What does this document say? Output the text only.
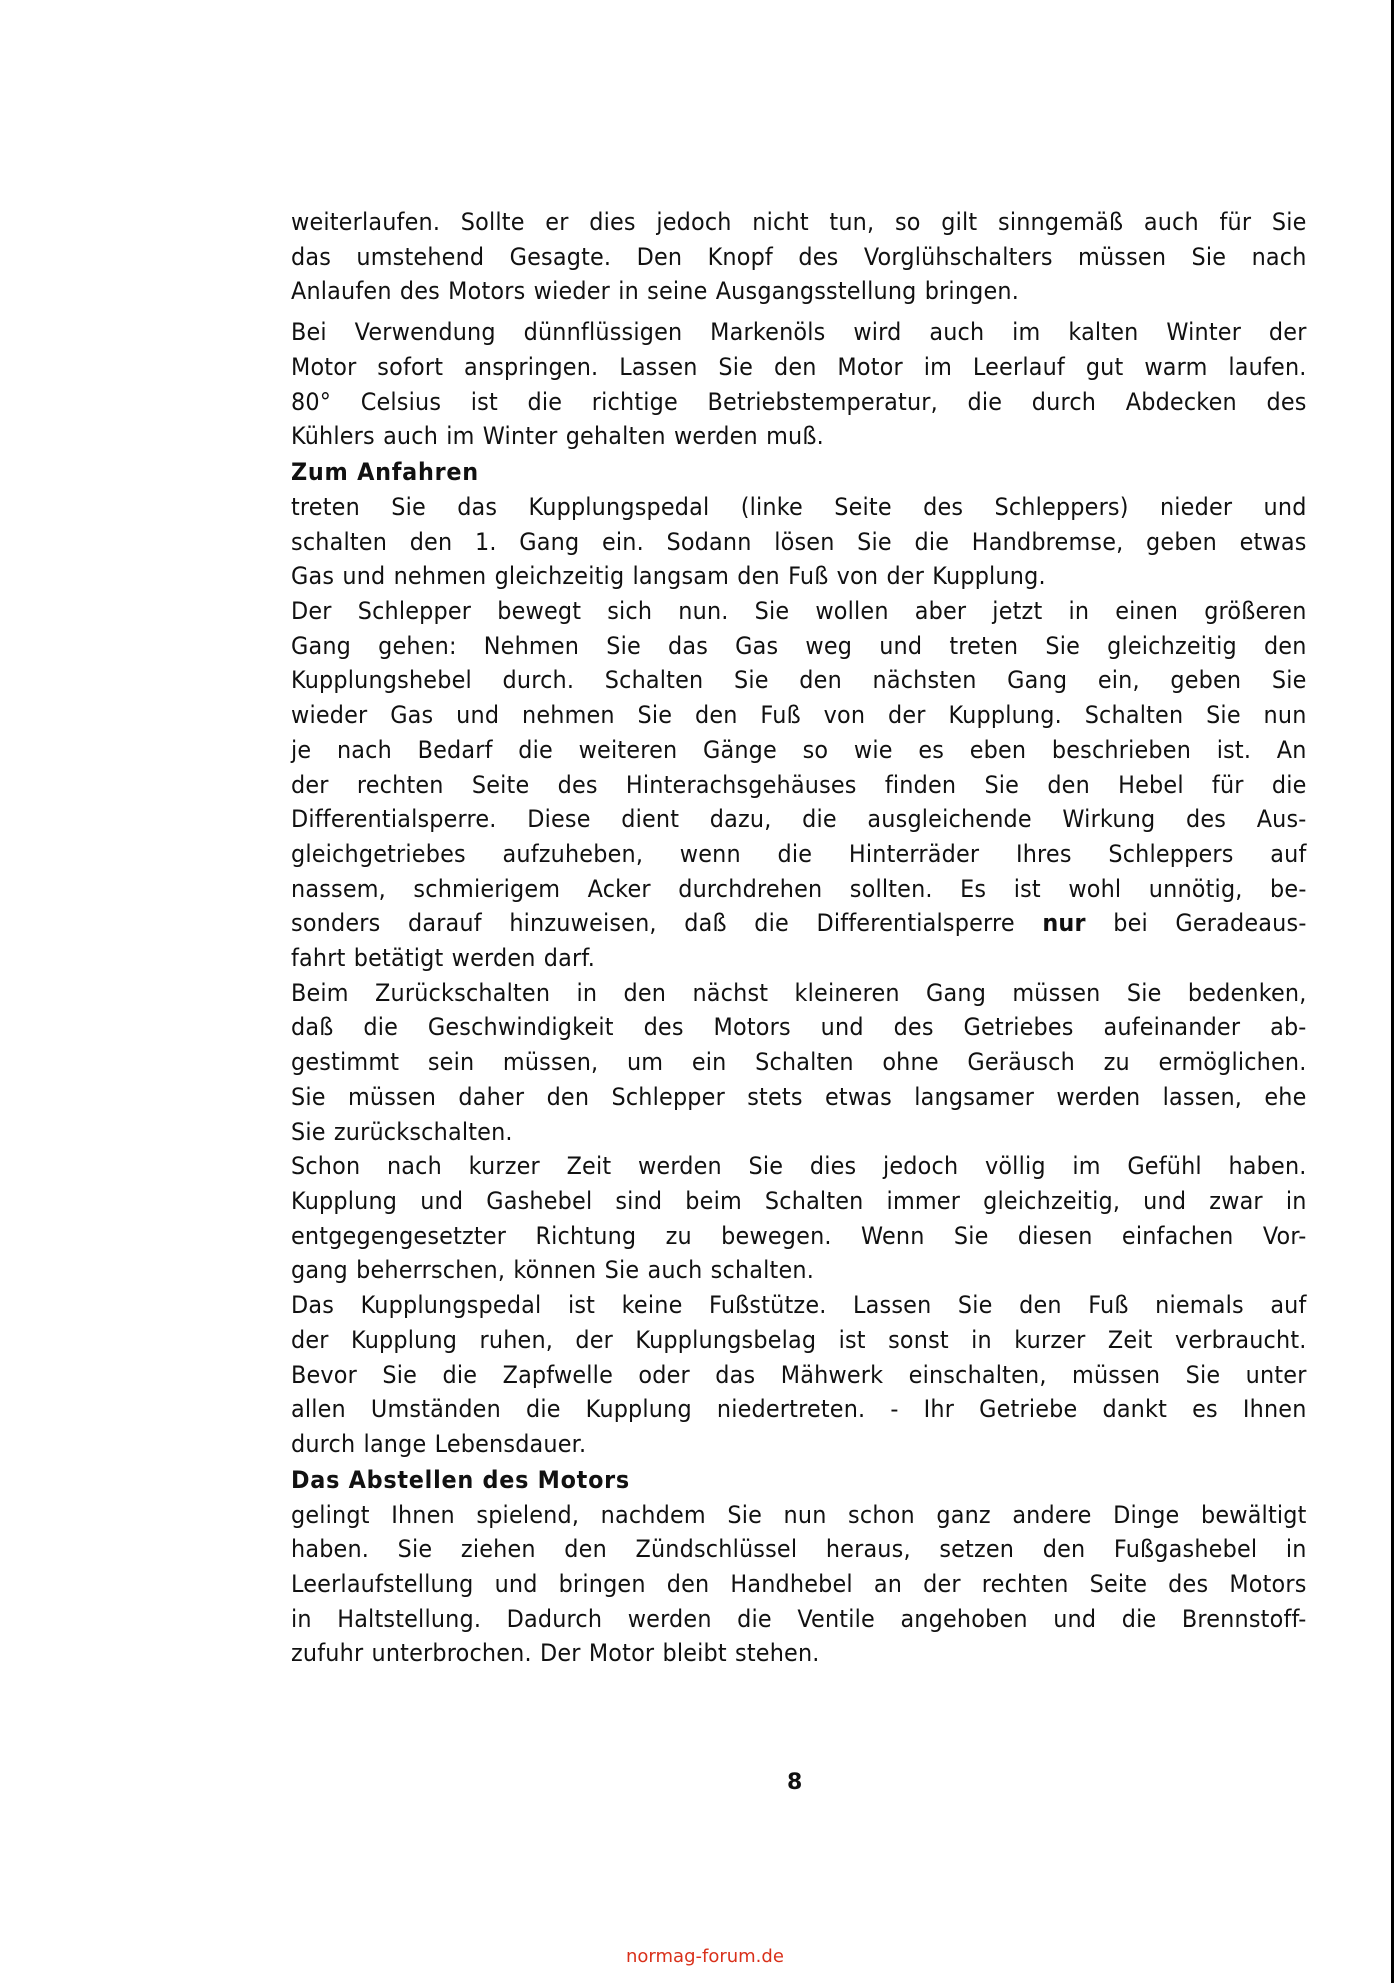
weiterlaufen. Sollte er dies jedoch nicht tun, so gilt sinngemäß auch für Sie
das umstehend Gesagte. Den Knopf des Vorglühschalters müssen Sie nach
Anlaufen des Motors wieder in seine Ausgangsstellung bringen.

Bei Verwendung dünnflüssigen Markenöls wird auch im kalten Winter der
Motor sofort anspringen. Lassen Sie den Motor im Leerlauf gut warm laufen.
80° Celsius ist die richtige Betriebstemperatur, die durch Abdecken des
Kühlers auch im Winter gehalten werden muß.

Zum Anfahren

treten Sie das Kupplungspedal (linke Seite des Schleppers) nieder und
schalten den 1. Gang ein. Sodann lösen Sie die Handbremse, geben etwas
Gas und nehmen gleichzeitig langsam den Fuß von der Kupplung.

Der Schlepper bewegt sich nun. Sie wollen aber jetzt in einen größeren
Gang gehen: Nehmen Sie das Gas weg und treten Sie gleichzeitig den
Kupplungshebel durch. Schalten Sie den nächsten Gang ein, geben Sie
wieder Gas und nehmen Sie den Fuß von der Kupplung. Schalten Sie nun
je nach Bedarf die weiteren Gänge so wie es eben beschrieben ist. An
der rechten Seite des Hinterachsgehäuses finden Sie den Hebel für die
Differentialsperre. Diese dient dazu, die ausgleichende Wirkung des Aus-
gleichgetriebes aufzuheben, wenn die Hinterräder Ihres Schleppers auf
nassem, schmierigem Acker durchdrehen sollten. Es ist wohl unnötig, be-
sonders darauf hinzuweisen, daß die Differentialsperre nur bei Geradeaus-
fahrt betätigt werden darf.

Beim Zurückschalten in den nächst kleineren Gang müssen Sie bedenken,
daß die Geschwindigkeit des Motors und des Getriebes aufeinander ab-
gestimmt sein müssen, um ein Schalten ohne Geräusch zu ermöglichen.
Sie müssen daher den Schlepper stets etwas langsamer werden lassen, ehe
Sie zurückschalten.

Schon nach kurzer Zeit werden Sie dies jedoch völlig im Gefühl haben.
Kupplung und Gashebel sind beim Schalten immer gleichzeitig, und zwar in
entgegengesetzter Richtung zu bewegen. Wenn Sie diesen einfachen Vor-
gang beherrschen, können Sie auch schalten.

Das Kupplungspedal ist keine Fußstütze. Lassen Sie den Fuß niemals auf
der Kupplung ruhen, der Kupplungsbelag ist sonst in kurzer Zeit verbraucht.
Bevor Sie die Zapfwelle oder das Mähwerk einschalten, müssen Sie unter
allen Umständen die Kupplung niedertreten. - Ihr Getriebe dankt es Ihnen
durch lange Lebensdauer.

Das Abstellen des Motors

gelingt Ihnen spielend, nachdem Sie nun schon ganz andere Dinge bewältigt
haben. Sie ziehen den Zündschlüssel heraus, setzen den Fußgashebel in
Leerlaufstellung und bringen den Handhebel an der rechten Seite des Motors
in Haltstellung. Dadurch werden die Ventile angehoben und die Brennstoff-
zufuhr unterbrochen. Der Motor bleibt stehen.

8
normag-forum.de
